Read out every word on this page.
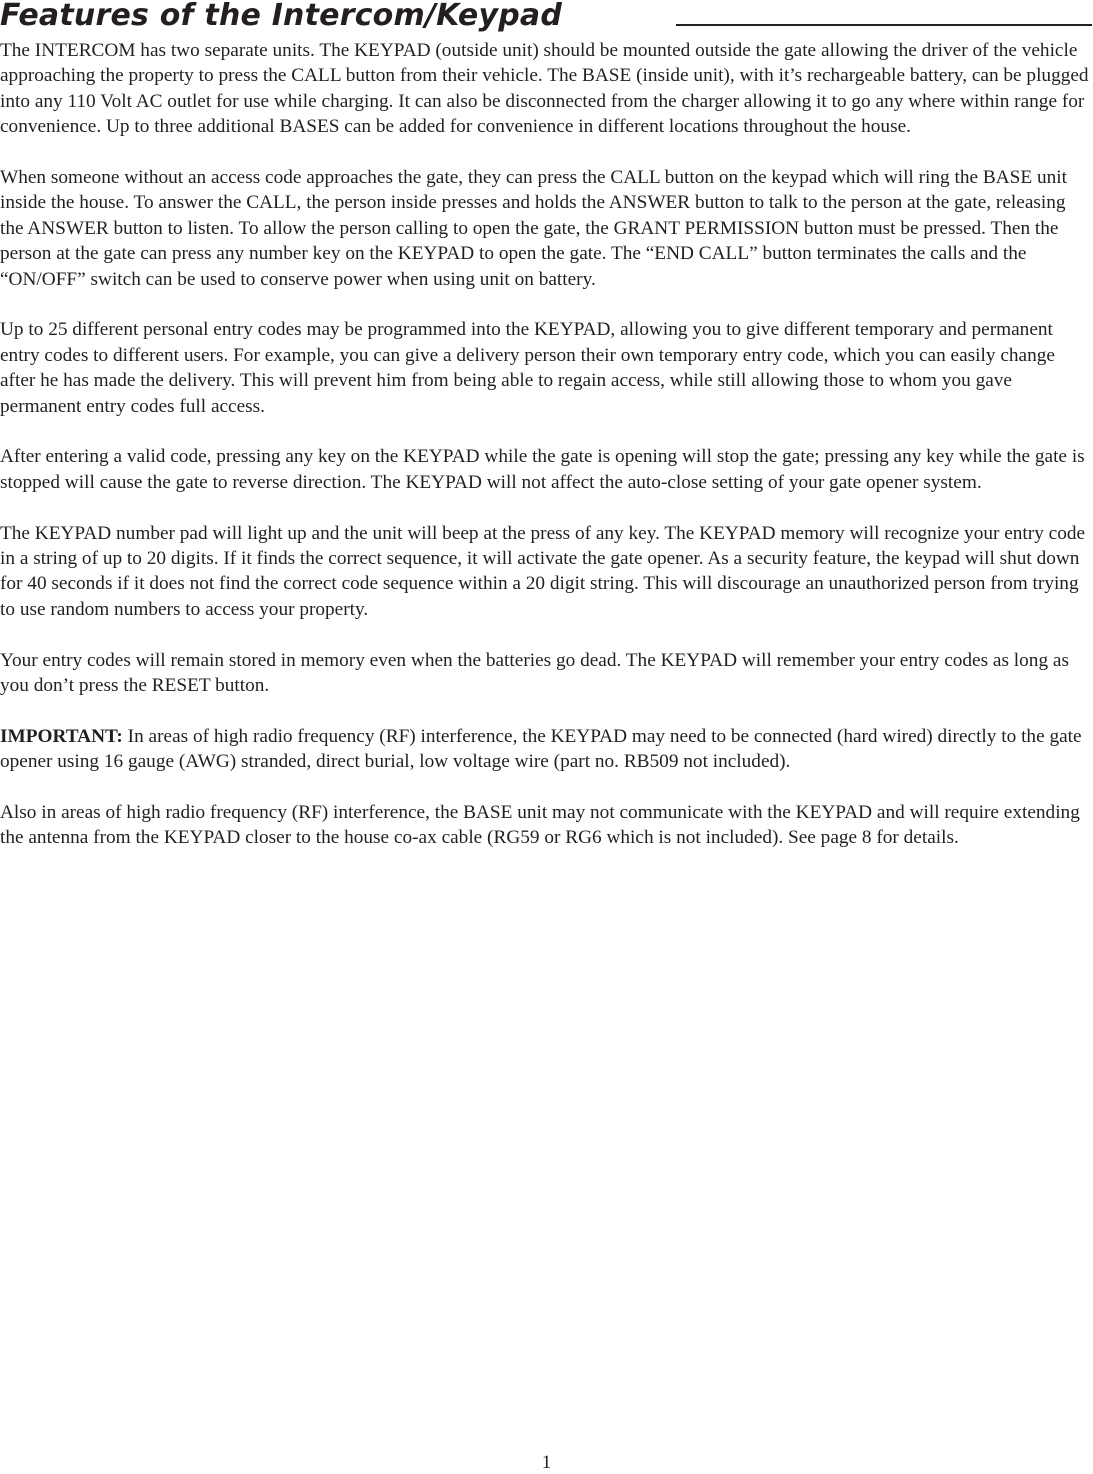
Features of the Intercom/Keypad

The INTERCOM has two separate units. The KEYPAD (outside unit) should be mounted outside the gate allowing the driver of the vehicle approaching the property to press the CALL button from their vehicle. The BASE (inside unit), with it’s rechargeable battery, can be plugged into any 110 Volt AC outlet for use while charging. It can also be disconnected from the charger allowing it to go any where within range for convenience. Up to three additional BASES can be added for convenience in different locations throughout the house.

When someone without an access code approaches the gate, they can press the CALL button on the keypad which will ring the BASE unit inside the house. To answer the CALL, the person inside presses and holds the ANSWER button to talk to the person at the gate, releasing the ANSWER button to listen. To allow the person calling to open the gate, the GRANT PERMISSION button must be pressed. Then the person at the gate can press any number key on the KEYPAD to open the gate. The “END CALL” button terminates the calls and the “ON/OFF” switch can be used to conserve power when using unit on battery.

Up to 25 different personal entry codes may be programmed into the KEYPAD, allowing you to give different temporary and permanent entry codes to different users. For example, you can give a delivery person their own temporary entry code, which you can easily change after he has made the delivery. This will prevent him from being able to regain access, while still allowing those to whom you gave permanent entry codes full access.

After entering a valid code, pressing any key on the KEYPAD while the gate is opening will stop the gate; pressing any key while the gate is stopped will cause the gate to reverse direction. The KEYPAD will not affect the auto-close setting of your gate opener system.

The KEYPAD number pad will light up and the unit will beep at the press of any key. The KEYPAD memory will recognize your entry code in a string of up to 20 digits. If it finds the correct sequence, it will activate the gate opener. As a security feature, the keypad will shut down for 40 seconds if it does not find the correct code sequence within a 20 digit string. This will discourage an unauthorized person from trying to use random numbers to access your property.

Your entry codes will remain stored in memory even when the batteries go dead. The KEYPAD will remember your entry codes as long as you don’t press the RESET button.

IMPORTANT: In areas of high radio frequency (RF) interference, the KEYPAD may need to be connected (hard wired) directly to the gate opener using 16 gauge (AWG) stranded, direct burial, low voltage wire (part no. RB509 not included).

Also in areas of high radio frequency (RF) interference, the BASE unit may not communicate with the KEYPAD and will require extending the antenna from the KEYPAD closer to the house co-ax cable (RG59 or RG6 which is not included). See page 8 for details.

1
